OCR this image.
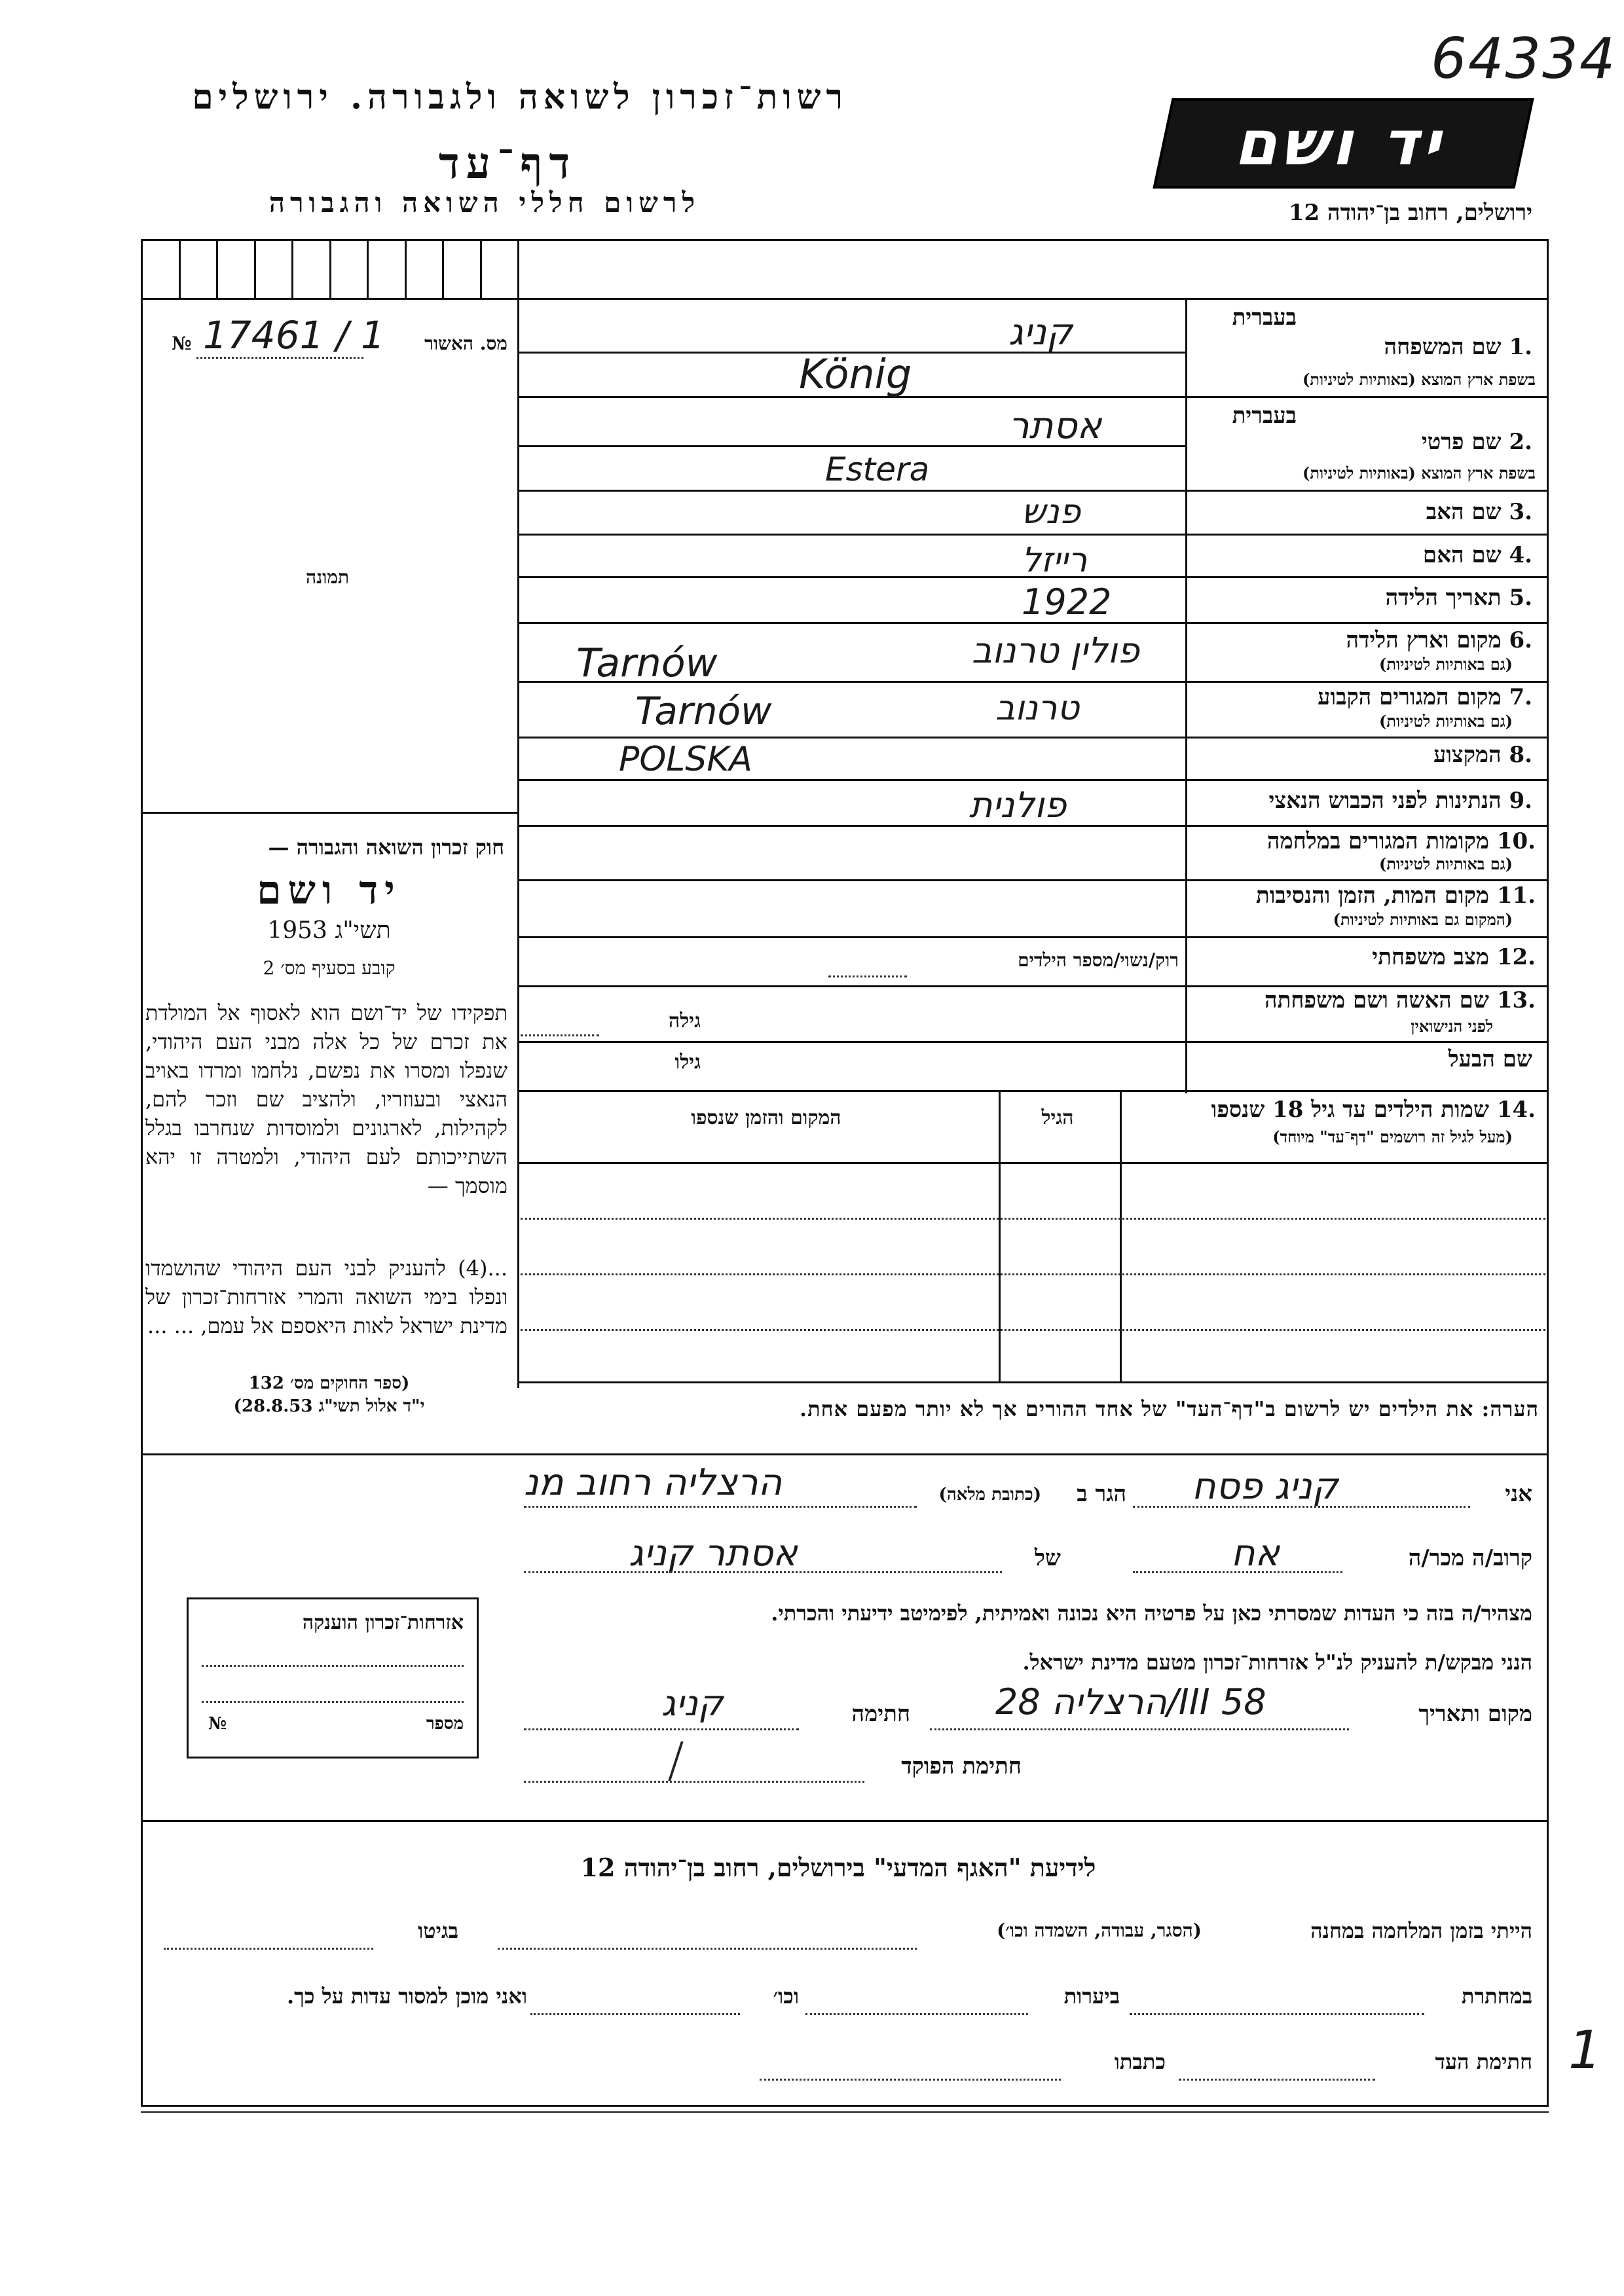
64334
רשות־זכרון לשואה ולגבורה. ירושלים
דף־עד
לרשום חללי השואה והגבורה
יד ושם
ירושלים, רחוב בן־יהודה 12
מס. האשור
17461 / 1
№
תמונה
חוק זכרון השואה והגבורה —
יד ושם
תשי"ג 1953
קובע בסעיף מס׳ 2
תפקידו של יד־ושם הוא לאסוף אל המולדת את זכרם של כל אלה מבני העם היהודי, שנפלו ומסרו את נפשם, נלחמו ומרדו באויב הנאצי ובעוזריו, ולהציב שם וזכר להם, לקהילות, לארגונים ולמוסדות שנחרבו בגלל השתייכותם לעם היהודי, ולמטרה זו יהא מוסמך —
...(4) להעניק לבני העם היהודי שהושמדו ונפלו בימי השואה והמרי אזרחות־זכרון של מדינת ישראל לאות היאספם אל עמם, ... ...
(ספר החוקים מס׳ 132
י"ד אלול תשי"ג 28.8.53)
בעברית
.1 שם המשפחה
בשפת ארץ המוצא (באותיות לטיניות)
קניג
König
בעברית
.2 שם פרטי
בשפת ארץ המוצא (באותיות לטיניות)
אסתר
Estera
.3 שם האב
פנש
.4 שם האם
רייזל
.5 תאריך הלידה
1922
.6 מקום וארץ הלידה
(גם באותיות לטיניות)
פולין טרנוב
Tarnów
.7 מקום המגורים הקבוע
(גם באותיות לטיניות)
טרנוב
Tarnów
.8 המקצוע
POLSKA
.9 הנתינות לפני הכבוש הנאצי
פולנית
.10 מקומות המגורים במלחמה
(גם באותיות לטיניות)
.11 מקום המות, הזמן והנסיבות
(המקום גם באותיות לטיניות)
.12 מצב משפחתי
רוק/נשוי/מספר הילדים
.13 שם האשה ושם משפחתה
לפני הנישואין
גילה
שם הבעל
גילו
.14 שמות הילדים עד גיל 18 שנספו
(מעל לגיל זה רושמים "דף־עד" מיוחד)
הגיל
המקום והזמן שנספו
הערה: את הילדים יש לרשום ב"דף־העד" של אחד ההורים אך לא יותר מפעם אחת.
אני
קניג פסח
הגר ב
(כתובת מלאה)
הרצליה רחוב מנ
קרוב/ה מכר/ה
אח
של
אסתר קניג
מצהיר/ה בזה כי העדות שמסרתי כאן על פרטיה היא נכונה ואמיתית, לפימיטב ידיעתי והכרתי.
הנני מבקש/ת להעניק לנ"ל אזרחות־זכרון מטעם מדינת ישראל.
מקום ותאריך
הרצליה 28/III 58
חתימה
קניג
חתימת הפוקד
אזרחות־זכרון הוענקה
מספר
№
לידיעת "האגף המדעי" בירושלים, רחוב בן־יהודה 12
הייתי בזמן המלחמה במחנה
(הסגר, עבודה, השמדה וכו׳)
בגיטו
במחתרת
ביערות
וכו׳
ואני מוכן למסור עדות על כך.
חתימת העד
כתבתו	1
